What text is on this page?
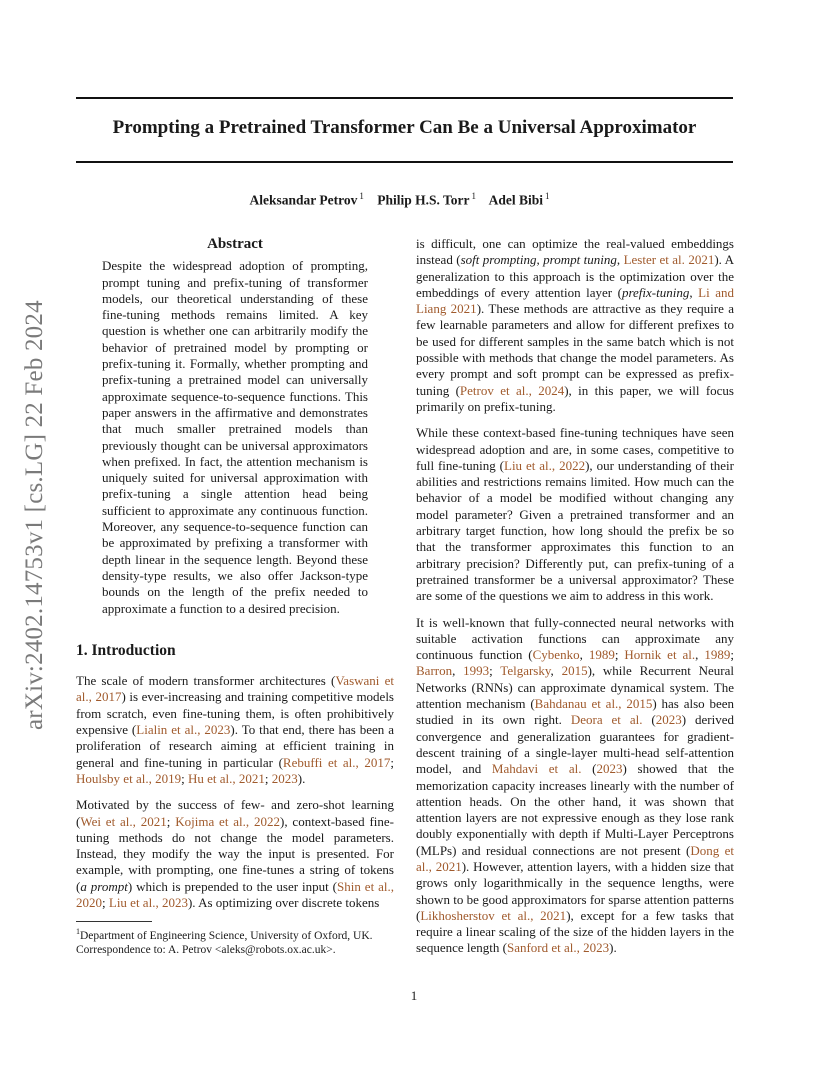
arXiv:2402.14753v1 [cs.LG] 22 Feb 2024
Prompting a Pretrained Transformer Can Be a Universal Approximator
Aleksandar Petrov $^1$ Philip H.S. Torr $^1$ Adel Bibi $^1$
Abstract
Despite the widespread adoption of prompting, prompt tuning and prefix-tuning of transformer models, our theoretical understanding of these fine-tuning methods remains limited. A key question is whether one can arbitrarily modify the behavior of pretrained model by prompting or prefix-tuning it. Formally, whether prompting and prefix-tuning a pretrained model can universally approximate sequence-to-sequence functions. This paper answers in the affirmative and demonstrates that much smaller pretrained models than previously thought can be universal approximators when prefixed. In fact, the attention mechanism is uniquely suited for universal approximation with prefix-tuning a single attention head being sufficient to approximate any continuous function. Moreover, any sequence-to-sequence function can be approximated by prefixing a transformer with depth linear in the sequence length. Beyond these density-type results, we also offer Jackson-type bounds on the length of the prefix needed to approximate a function to a desired precision.
1. Introduction

The scale of modern transformer architectures (Vaswani et al., 2017) is ever-increasing and training competitive models from scratch, even fine-tuning them, is often prohibitively expensive (Lialin et al., 2023). To that end, there has been a proliferation of research aiming at efficient training in general and fine-tuning in particular (Rebuffi et al., 2017; Houlsby et al., 2019; Hu et al., 2021; 2023).

Motivated by the success of few- and zero-shot learning (Wei et al., 2021; Kojima et al., 2022), context-based fine-tuning methods do not change the model parameters. Instead, they modify the way the input is presented. For example, with prompting, one fine-tunes a string of tokens (a prompt) which is prepended to the user input (Shin et al., 2020; Liu et al., 2023). As optimizing over discrete tokens

$^1$Department of Engineering Science, University of Oxford, UK. Correspondence to: A. Petrov <aleks@robots.ox.ac.uk>.

is difficult, one can optimize the real-valued embeddings instead (soft prompting, prompt tuning, Lester et al. 2021). A generalization to this approach is the optimization over the embeddings of every attention layer (prefix-tuning, Li and Liang 2021). These methods are attractive as they require a few learnable parameters and allow for different prefixes to be used for different samples in the same batch which is not possible with methods that change the model parameters. As every prompt and soft prompt can be expressed as prefix-tuning (Petrov et al., 2024), in this paper, we will focus primarily on prefix-tuning.

While these context-based fine-tuning techniques have seen widespread adoption and are, in some cases, competitive to full fine-tuning (Liu et al., 2022), our understanding of their abilities and restrictions remains limited. How much can the behavior of a model be modified without changing any model parameter? Given a pretrained transformer and an arbitrary target function, how long should the prefix be so that the transformer approximates this function to an arbitrary precision? Differently put, can prefix-tuning of a pretrained transformer be a universal approximator? These are some of the questions we aim to address in this work.

It is well-known that fully-connected neural networks with suitable activation functions can approximate any continuous function (Cybenko, 1989; Hornik et al., 1989; Barron, 1993; Telgarsky, 2015), while Recurrent Neural Networks (RNNs) can approximate dynamical system. The attention mechanism (Bahdanau et al., 2015) has also been studied in its own right. Deora et al. (2023) derived convergence and generalization guarantees for gradient-descent training of a single-layer multi-head self-attention model, and Mahdavi et al. (2023) showed that the memorization capacity increases linearly with the number of attention heads. On the other hand, it was shown that attention layers are not expressive enough as they lose rank doubly exponentially with depth if Multi-Layer Perceptrons (MLPs) and residual connections are not present (Dong et al., 2021). However, attention layers, with a hidden size that grows only logarithmically in the sequence lengths, were shown to be good approximators for sparse attention patterns (Likhosherstov et al., 2021), except for a few tasks that require a linear scaling of the size of the hidden layers in the sequence length (Sanford et al., 2023).

1
